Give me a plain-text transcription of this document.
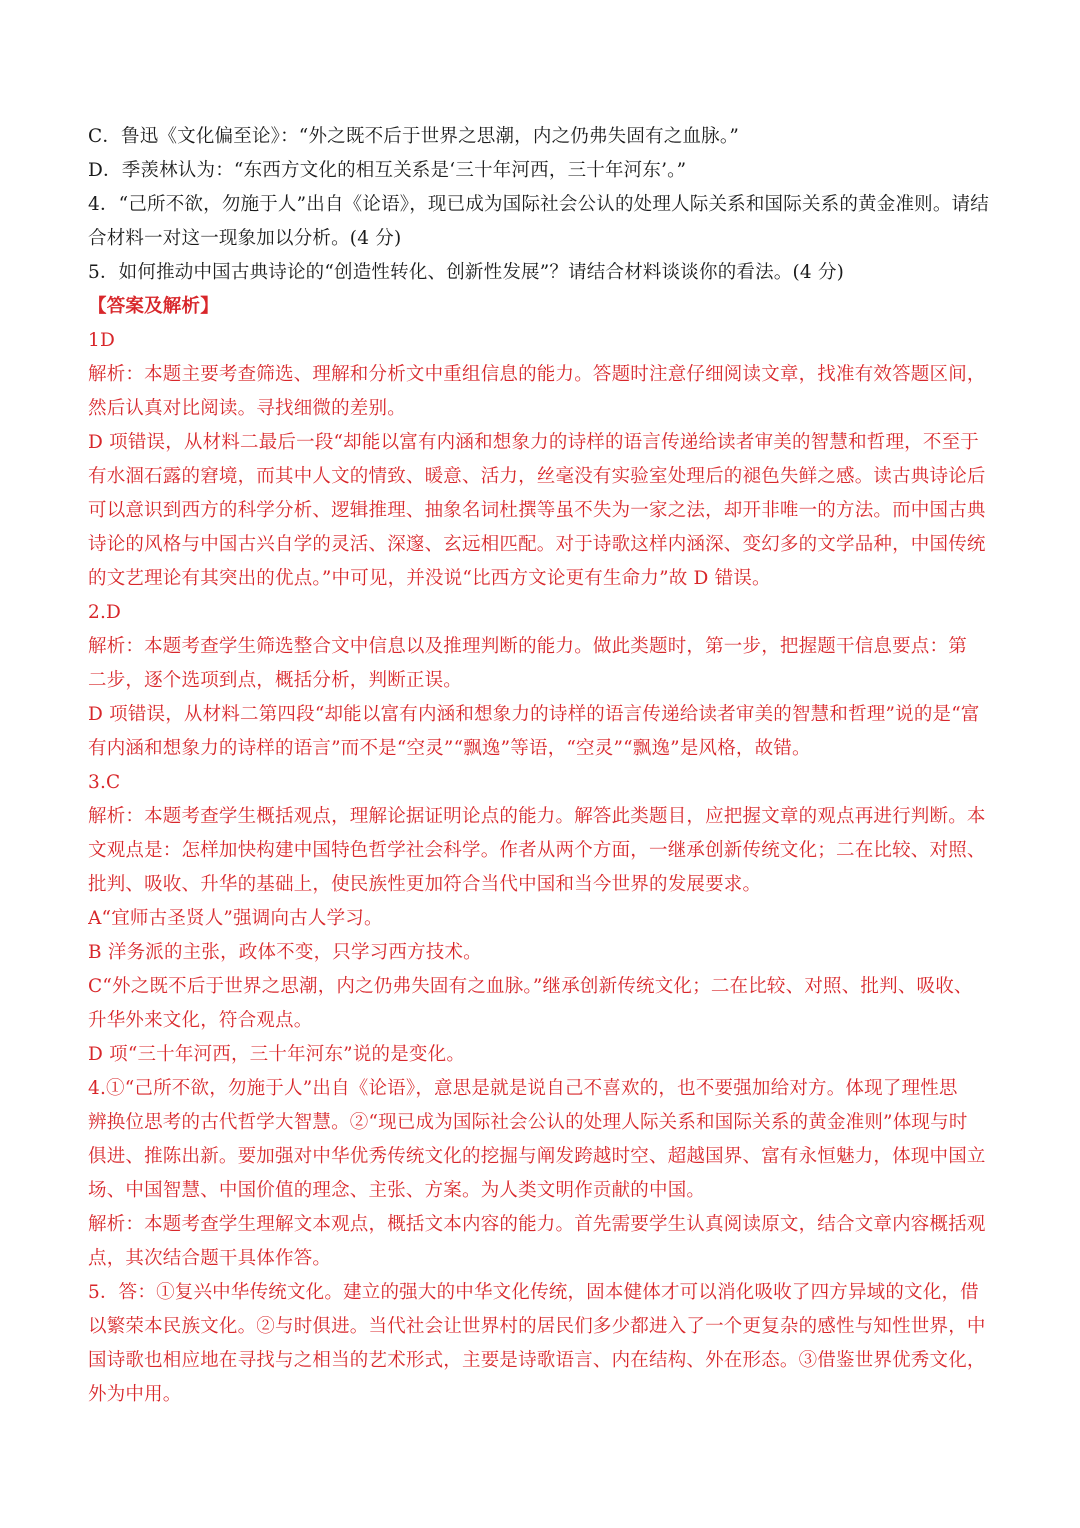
C．鲁迅《文化偏至论》：“外之既不后于世界之思潮，内之仍弗失固有之血脉。”
D．季羡林认为：“东西方文化的相互关系是‘三十年河西，三十年河东’。”
4．“己所不欲，勿施于人”出自《论语》，现已成为国际社会公认的处理人际关系和国际关系的黄金准则。请结
合材料一对这一现象加以分析。(4 分)
5．如何推动中国古典诗论的“创造性转化、创新性发展”？请结合材料谈谈你的看法。(4 分)
【答案及解析】
1D
解析：本题主要考查筛选、理解和分析文中重组信息的能力。答题时注意仔细阅读文章，找准有效答题区间，
然后认真对比阅读。寻找细微的差别。
D 项错误，从材料二最后一段“却能以富有内涵和想象力的诗样的语言传递给读者审美的智慧和哲理，不至于
有水涸石露的窘境，而其中人文的情致、暖意、活力，丝毫没有实验室处理后的褪色失鲜之感。读古典诗论后
可以意识到西方的科学分析、逻辑推理、抽象名词杜撰等虽不失为一家之法，却开非唯一的方法。而中国古典
诗论的风格与中国古兴自学的灵活、深邃、玄远相匹配。对于诗歌这样内涵深、变幻多的文学品种，中国传统
的文艺理论有其突出的优点。”中可见，并没说“比西方文论更有生命力”故 D 错误。
2.D
解析：本题考查学生筛选整合文中信息以及推理判断的能力。做此类题时，第一步，把握题干信息要点：第
二步，逐个选项到点，概括分析，判断正误。
D 项错误，从材料二第四段“却能以富有内涵和想象力的诗样的语言传递给读者审美的智慧和哲理”说的是“富
有内涵和想象力的诗样的语言”而不是“空灵”“飘逸”等语，“空灵”“飘逸”是风格，故错。
3.C
解析：本题考查学生概括观点，理解论据证明论点的能力。解答此类题目，应把握文章的观点再进行判断。本
文观点是：怎样加快构建中国特色哲学社会科学。作者从两个方面，一继承创新传统文化；二在比较、对照、
批判、吸收、升华的基础上，使民族性更加符合当代中国和当今世界的发展要求。
A“宜师古圣贤人”强调向古人学习。
B 洋务派的主张，政体不变，只学习西方技术。
C“外之既不后于世界之思潮，内之仍弗失固有之血脉。”继承创新传统文化；二在比较、对照、批判、吸收、
升华外来文化，符合观点。
D 项“三十年河西，三十年河东”说的是变化。
4.①“己所不欲，勿施于人”出自《论语》，意思是就是说自己不喜欢的，也不要强加给对方。体现了理性思
辨换位思考的古代哲学大智慧。②“现已成为国际社会公认的处理人际关系和国际关系的黄金准则”体现与时
俱进、推陈出新。要加强对中华优秀传统文化的挖掘与阐发跨越时空、超越国界、富有永恒魅力，体现中国立
场、中国智慧、中国价值的理念、主张、方案。为人类文明作贡献的中国。
解析：本题考查学生理解文本观点，概括文本内容的能力。首先需要学生认真阅读原文，结合文章内容概括观
点，其次结合题干具体作答。
5．答：①复兴中华传统文化。建立的强大的中华文化传统，固本健体才可以消化吸收了四方异域的文化，借
以繁荣本民族文化。②与时俱进。当代社会让世界村的居民们多少都进入了一个更复杂的感性与知性世界，中
国诗歌也相应地在寻找与之相当的艺术形式，主要是诗歌语言、内在结构、外在形态。③借鉴世界优秀文化，
外为中用。
